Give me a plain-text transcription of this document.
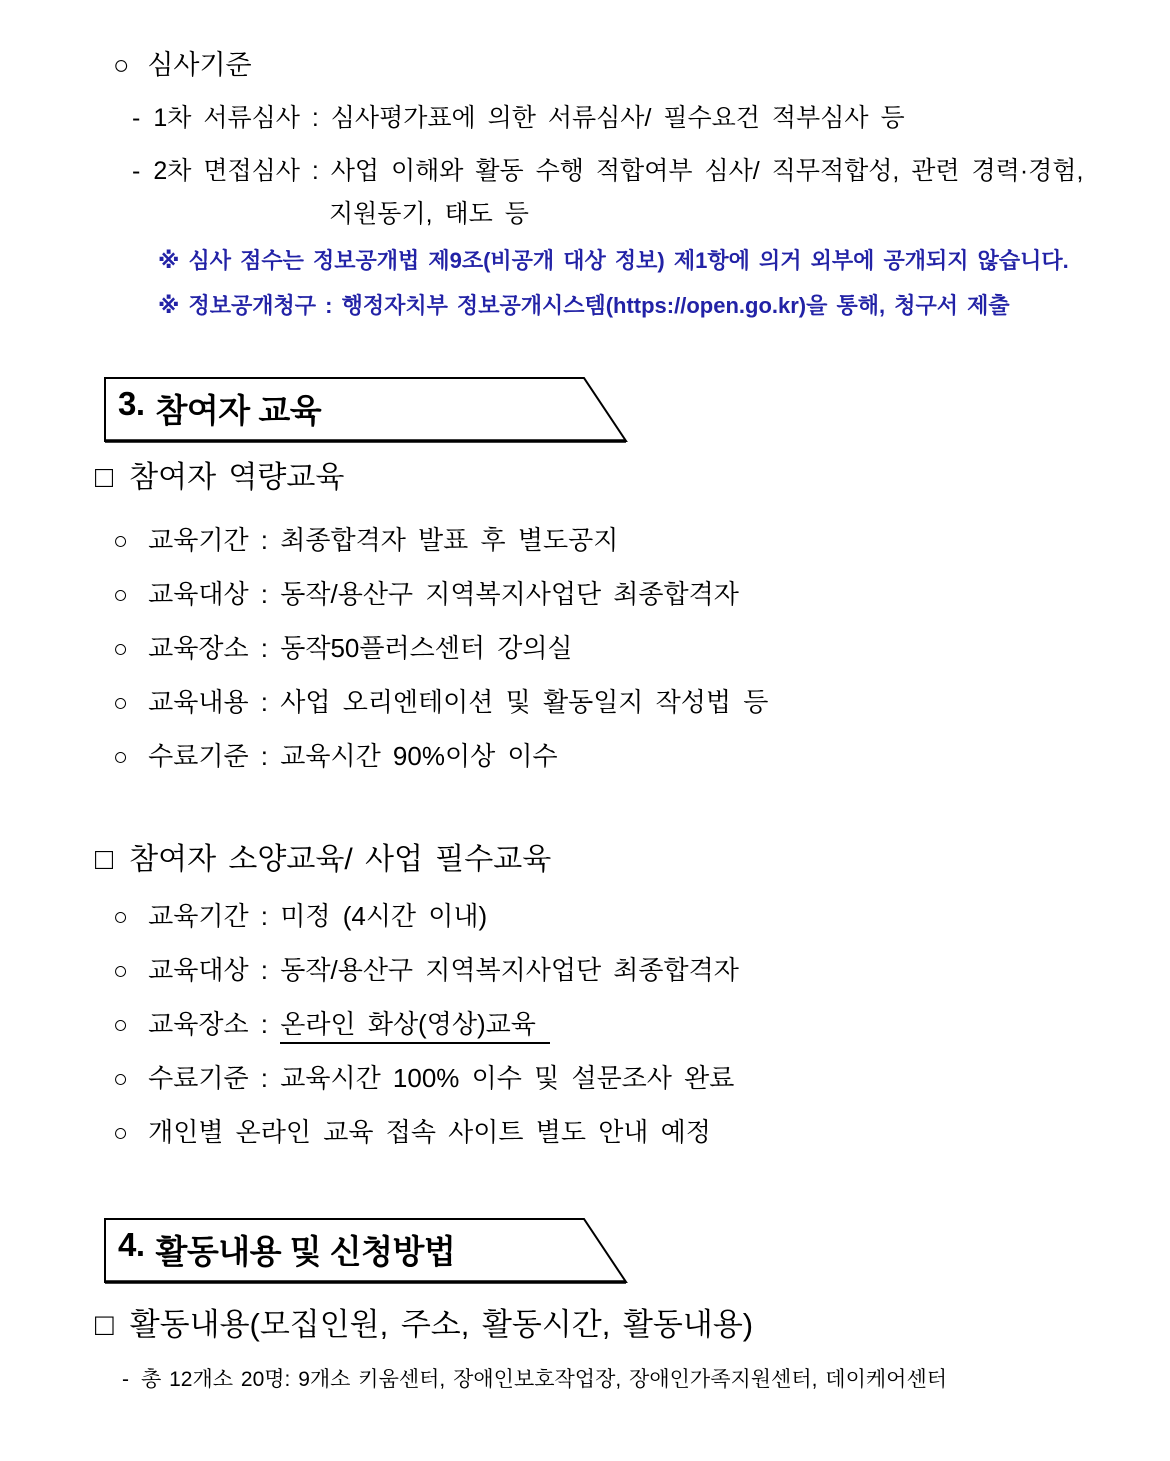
○ 심사기준
- 1차 서류심사 : 심사평가표에 의한 서류심사/ 필수요건 적부심사 등
- 2차 면접심사 : 사업 이해와 활동 수행 적합여부 심사/ 직무적합성, 관련 경력·경험,
지원동기, 태도 등
※ 심사 점수는 정보공개법 제9조(비공개 대상 정보) 제1항에 의거 외부에 공개되지 않습니다.
※ 정보공개청구 : 행정자치부 정보공개시스템(https://open.go.kr)을 통해, 청구서 제출
3. 참여자 교육
□ 참여자 역량교육
○ 교육기간 : 최종합격자 발표 후 별도공지
○ 교육대상 : 동작/용산구 지역복지사업단 최종합격자
○ 교육장소 : 동작50플러스센터 강의실
○ 교육내용 : 사업 오리엔테이션 및 활동일지 작성법 등
○ 수료기준 : 교육시간 90%이상 이수
□ 참여자 소양교육/ 사업 필수교육
○ 교육기간 : 미정 (4시간 이내)
○ 교육대상 : 동작/용산구 지역복지사업단 최종합격자
○ 교육장소 : 온라인 화상(영상)교육
○ 수료기준 : 교육시간 100% 이수 및 설문조사 완료
○ 개인별 온라인 교육 접속 사이트 별도 안내 예정
4. 활동내용 및 신청방법
□ 활동내용(모집인원, 주소, 활동시간, 활동내용)
- 총 12개소 20명: 9개소 키움센터, 장애인보호작업장, 장애인가족지원센터, 데이케어센터
